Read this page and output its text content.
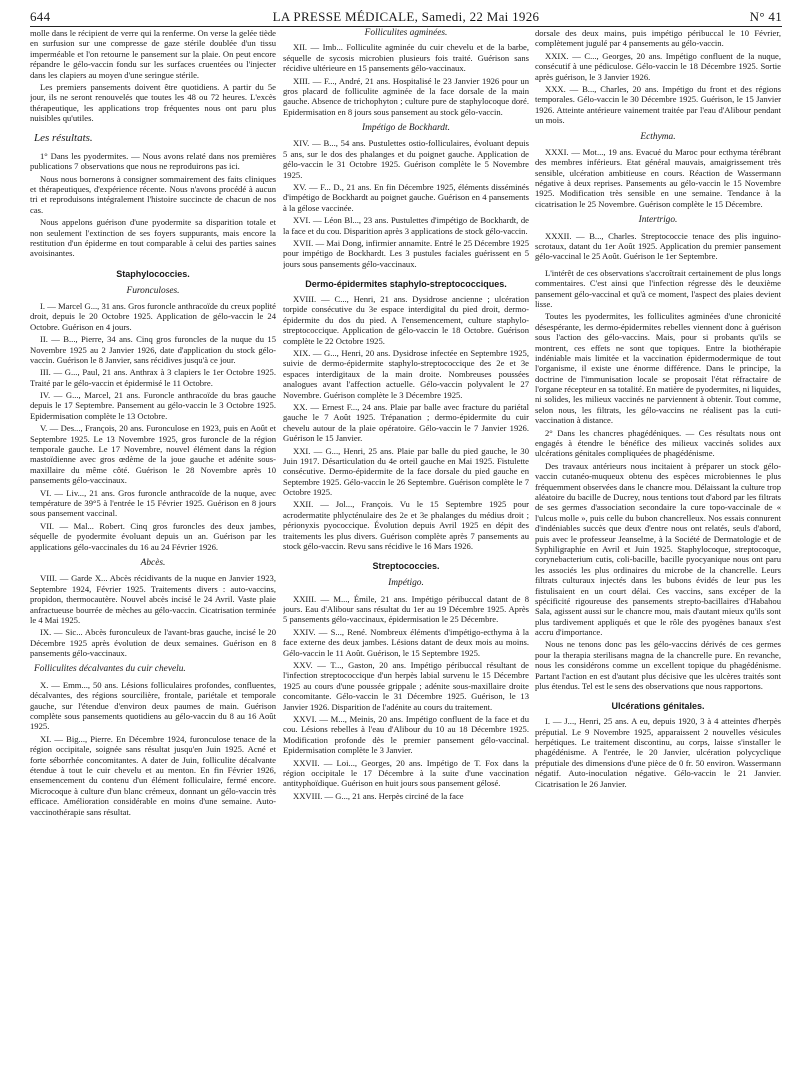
644	LA PRESSE MÉDICALE, Samedi, 22 Mai 1926	N° 41

molle dans le récipient de verre qui la renferme. On verse la gelée tiède en surfusion sur une compresse de gaze stérile doublée d'un tissu imperméable et l'on retourne le pansement sur la plaie. On peut encore répandre le gélo-vaccin fondu sur les surfaces cruentées ou l'injecter dans les clapiers au moyen d'une seringue stérile.

Les premiers pansements doivent être quotidiens. A partir du 5e jour, ils ne seront renouvelés que toutes les 48 ou 72 heures. L'excès thérapeutique, les applications trop fréquentes nous ont paru plus nuisibles qu'utiles.

Les résultats.

1° Dans les pyodermites. — Nous avons relaté dans nos premières publications 7 observations que nous ne reproduirons pas ici.

Nous nous bornerons à consigner sommairement des faits cliniques et thérapeutiques, d'expérience récente. Nous n'avons procédé à aucun tri et reproduisons intégralement l'histoire succincte de chacun de nos cas.

Nous appelons guérison d'une pyodermite sa disparition totale et non seulement l'extinction de ses foyers suppurants, mais encore la restitution d'un épiderme en tout comparable à celui des parties saines avoisinantes.

Staphylococcies.
Furonculoses.

I. — Marcel G..., 31 ans. Gros furoncle anthracoïde du creux poplité droit, depuis le 20 Octobre 1925. Application de gélo-vaccin le 24 Octobre. Guérison en 4 jours.

II. — B..., Pierre, 34 ans. Cinq gros furoncles de la nuque du 15 Novembre 1925 au 2 Janvier 1926, date d'application du stock gélo-vaccin. Guérison le 8 Janvier, sans récidives jusqu'à ce jour.

III. — G..., Paul, 21 ans. Anthrax à 3 clapiers le 1er Octobre 1925. Traité par le gélo-vaccin et épidermisé le 11 Octobre.

IV. — G..., Marcel, 21 ans. Furoncle anthracoïde du bras gauche depuis le 17 Septembre. Pansement au gélo-vaccin le 3 Octobre 1925. Epidermisation complète le 13 Octobre.

V. — Des..., François, 20 ans. Furonculose en 1923, puis en Août et Septembre 1925. Le 13 Novembre 1925, gros furoncle de la région temporale gauche. Le 17 Novembre, nouvel élément dans la région mastoïdienne avec gros œdème de la joue gauche et adénite sous-maxillaire du même côté. Guérison le 28 Novembre après 10 pansements gélo-vaccinaux.

VI. — Liv..., 21 ans. Gros furoncle anthracoïde de la nuque, avec température de 39°5 à l'entrée le 15 Février 1925. Guérison en 8 jours sous pansement vaccinal.

VII. — Mal... Robert. Cinq gros furoncles des deux jambes, séquelle de pyodermite évoluant depuis un an. Guérison par les applications gélo-vaccinales du 16 au 24 Février 1926.

Abcès.

VIII. — Garde X... Abcès récidivants de la nuque en Janvier 1923, Septembre 1924, Février 1925. Traitements divers : auto-vaccins, propidon, thermocautère. Nouvel abcès incisé le 24 Avril. Vaste plaie anfractueuse bourrée de mèches au gélo-vaccin. Cicatrisation terminée le 4 Mai 1925.

IX. — Sic... Abcès furonculeux de l'avant-bras gauche, incisé le 20 Décembre 1925 après évolution de deux semaines. Guérison en 8 pansements gélo-vaccinaux.

Folliculites décalvantes du cuir chevelu.

X. — Emm..., 50 ans. Lésions folliculaires profondes, confluentes, décalvantes, des régions sourcilière, frontale, pariétale et temporale gauche, sur l'étendue d'environ deux paumes de main. Guérison complète sous pansements quotidiens au gélo-vaccin du 8 au 16 Août 1925.

XI. — Big..., Pierre. En Décembre 1924, furonculose tenace de la région occipitale, soignée sans résultat jusqu'en Juin 1925. Acné et forte séborrhée concomitantes. A dater de Juin, folliculite décalvante étendue à tout le cuir chevelu et au menton. En fin Février 1926, ensemencement du contenu d'un élément folliculaire, fermé encore. Microcoque à culture d'un blanc crémeux, donnant un gélo-vaccin très efficace. Amélioration considérable en moins d'une semaine. Auto-vaccinothérapie sans résultat.

Folliculites agminées.

XII. — Imb... Folliculite agminée du cuir chevelu et de la barbe, séquelle de sycosis microbien plusieurs fois traité. Guérison sans récidive ultérieure en 15 pansements gélo-vaccinaux.

XIII. — F..., André, 21 ans. Hospitalisé le 23 Janvier 1926 pour un gros placard de folliculite agminée de la face dorsale de la main gauche. Absence de trichophyton ; culture pure de staphylocoque doré. Epidermisation en 8 jours sous pansement au stock gélo-vaccin.

Impétigo de Bockhardt.

XIV. — B..., 54 ans. Pustulettes ostio-folliculaires, évoluant depuis 5 ans, sur le dos des phalanges et du poignet gauche. Application de gélo-vaccin le 31 Octobre 1925. Guérison complète le 5 Novembre 1925.

XV. — F... D., 21 ans. En fin Décembre 1925, éléments disséminés d'impétigo de Bockhardt au poignet gauche. Guérison en 4 pansements à la gélose vaccinée.

XVI. — Léon Bl..., 23 ans. Pustulettes d'impétigo de Bockhardt, de la face et du cou. Disparition après 3 applications de stock gélo-vaccin.

XVII. — Mai Dong, infirmier annamite. Entré le 25 Décembre 1925 pour impétigo de Bockhardt. Les 3 pustules faciales guérissent en 5 jours sous pansements gélo-vaccinaux.

Dermo-épidermites staphylo-streptococciques.

XVIII. — C..., Henri, 21 ans. Dysidrose ancienne ; ulcération torpide consécutive du 3e espace interdigital du pied droit, dermo-épidermite du dos du pied. A l'ensemencement, culture staphylo-streptococcique. Application de gélo-vaccin le 18 Octobre. Guérison complète le 22 Octobre 1925.

XIX. — G..., Henri, 20 ans. Dysidrose infectée en Septembre 1925, suivie de dermo-épidermite staphylo-streptococcique des 2e et 3e espaces interdigitaux de la main droite. Nombreuses poussées analogues avant l'affection actuelle. Gélo-vaccin polyvalent le 27 Novembre. Guérison complète le 3 Décembre 1925.

XX. — Ernest F..., 24 ans. Plaie par balle avec fracture du pariétal gauche le 7 Août 1925. Trépanation ; dermo-épidermite du cuir chevelu autour de la plaie opératoire. Gélo-vaccin le 7 Janvier 1926. Guérison le 15 Janvier.

XXI. — G..., Henri, 25 ans. Plaie par balle du pied gauche, le 30 Juin 1917. Désarticulation du 4e orteil gauche en Mai 1925. Fistulette consécutive. Dermo-épidermite de la face dorsale du pied gauche en Septembre 1925. Gélo-vaccin le 26 Septembre. Guérison complète le 7 Octobre 1925.

XXII. — Jol..., François. Vu le 15 Septembre 1925 pour acrodermatite phlycténulaire des 2e et 3e phalanges du médius droit ; périonyxis pyococcique. Évolution depuis Avril 1925 en dépit des traitements les plus divers. Guérison complète après 7 pansements au stock gélo-vaccin. Revu sans récidive le 16 Mars 1926.

Streptococcies.
Impétigo.

XXIII. — M..., Émile, 21 ans. Impétigo péribuccal datant de 8 jours. Eau d'Alibour sans résultat du 1er au 19 Décembre 1925. Après 5 pansements gélo-vaccinaux, épidermisation le 25 Décembre.

XXIV. — S..., René. Nombreux éléments d'impétigo-ecthyma à la face externe des deux jambes. Lésions datant de deux mois au moins. Gélo-vaccin le 11 Août. Guérison, le 15 Septembre 1925.

XXV. — T..., Gaston, 20 ans. Impétigo péribuccal résultant de l'infection streptococcique d'un herpès labial survenu le 15 Décembre 1925 au cours d'une poussée grippale ; adénite sous-maxillaire droite concomitante. Gélo-vaccin le 31 Décembre 1925. Guérison, le 13 Janvier 1926. Disparition de l'adénite au cours du traitement.

XXVI. — M..., Meinis, 20 ans. Impétigo confluent de la face et du cou. Lésions rebelles à l'eau d'Alibour du 10 au 18 Décembre 1925. Modification profonde dès le premier pansement gélo-vaccinal. Epidermisation complète le 3 Janvier.

XXVII. — Loi..., Georges, 20 ans. Impétigo de T. Fox dans la région occipitale le 17 Décembre à la suite d'une vaccination antityphoïdique. Guérison en huit jours sous pansement gélosé.

XXVIII. — G..., 21 ans. Herpès circiné de la face

dorsale des deux mains, puis impétigo péribuccal le 10 Février, complètement jugulé par 4 pansements au gélo-vaccin.

XXIX. — C..., Georges, 20 ans. Impétigo confluent de la nuque, consécutif à une pédiculose. Gélo-vaccin le 18 Décembre 1925. Sortie après guérison, le 3 Janvier 1926.

XXX. — B..., Charles, 20 ans. Impétigo du front et des régions temporales. Gélo-vaccin le 30 Décembre 1925. Guérison, le 15 Janvier 1926. Atteinte antérieure vainement traitée par l'eau d'Alibour pendant un mois.

Ecthyma.

XXXI. — Mot..., 19 ans. Evacué du Maroc pour ecthyma térébrant des membres inférieurs. Etat général mauvais, amaigrissement très sensible, ulcération ambitieuse en cours. Réaction de Wassermann négative à deux reprises. Pansements au gélo-vaccin le 15 Novembre 1925. Modification très sensible en une semaine. Tendance à la cicatrisation le 25 Novembre. Guérison complète le 15 Décembre.

Intertrigo.

XXXII. — B..., Charles. Streptococcie tenace des plis inguino-scrotaux, datant du 1er Août 1925. Application du premier pansement gélo-vaccinal le 25 Août. Guérison le 1er Septembre.

L'intérêt de ces observations s'accroîtrait certainement de plus longs commentaires. C'est ainsi que l'infection régresse dès le deuxième pansement gélo-vaccinal et qu'à ce moment, l'aspect des plaies devient lisse.

Toutes les pyodermites, les folliculites agminées d'une chronicité désespérante, les dermo-épidermites rebelles viennent donc à guérison sous l'action des gélo-vaccins. Mais, pour si probants qu'ils se montrent, ces effets ne sont que topiques. Entre la biothérapie indéniable mais limitée et la vaccination épidermodermique de tout l'organisme, il existe une énorme différence. Dans le principe, la doctrine de l'immunisation locale se proposait l'état réfractaire de l'organe récepteur en sa totalité. En matière de pyodermites, ni liquides, ni solides, les milieux vaccinés ne parviennent à obtenir. Tout comme, selon nous, les filtrats, les gélo-vaccins ne réalisent pas la cuti-vaccination à distance.

2° Dans les chancres phagédéniques. — Ces résultats nous ont engagés à étendre le bénéfice des milieux vaccinés solides aux ulcérations génitales compliquées de phagédénisme.

Des travaux antérieurs nous incitaient à préparer un stock gélo-vaccin cutanéo-muqueux obtenu des espèces microbiennes le plus fréquemment observées dans le chancre mou. Délaissant la culture trop aléatoire du bacille de Ducrey, nous tentions tout d'abord par les filtrats de ses germes d'association secondaire la cure topo-vaccinale de « l'ulcus molle », puis celle du bubon chancrelleux. Nos essais connurent d'indéniables succès que deux d'entre nous ont relatés, seuls d'abord, puis avec le professeur Jeanselme, à la Société de Dermatologie et de Syphiligraphie en Avril et Juin 1925. Staphylocoque, streptocoque, corynebacterium cutis, coli-bacille, bacille pyocyanique nous ont paru les associés les plus ordinaires du microbe de la chancrelle. Leurs filtrats culturaux injectés dans les bubons évidés de leur pus les fistulisaient en un court délai. Ces vaccins, sans excéper de la spécificité rigoureuse des pansements strepto-bacillaires d'Habahou Sala, agissent aussi sur le chancre mou, mais d'autant mieux qu'ils sont plus tardivement appliqués et que le rôle des pyogènes banaux s'est accru d'importance.

Nous ne tenons donc pas les gélo-vaccins dérivés de ces germes pour la therapia sterilisans magna de la chancrelle pure. En revanche, nous les considérons comme un excellent topique du phagédénisme. Partant l'action en est d'autant plus décisive que les ulcères traités sont plus étendus. Tel est le sens des observations que nous rapportons.

Ulcérations génitales.

I. — J..., Henri, 25 ans. A eu, depuis 1920, 3 à 4 atteintes d'herpès préputial. Le 9 Novembre 1925, apparaissent 2 nouvelles vésicules herpétiques. Le traitement discontinu, au corps, laisse s'installer le phagédénisme. A l'entrée, le 20 Janvier, ulcération polycyclique préputiale des dimensions d'une pièce de 0 fr. 50 environ. Wassermann négatif. Auto-inoculation négative. Gélo-vaccin le 21 Janvier. Cicatrisation le 26 Janvier.
